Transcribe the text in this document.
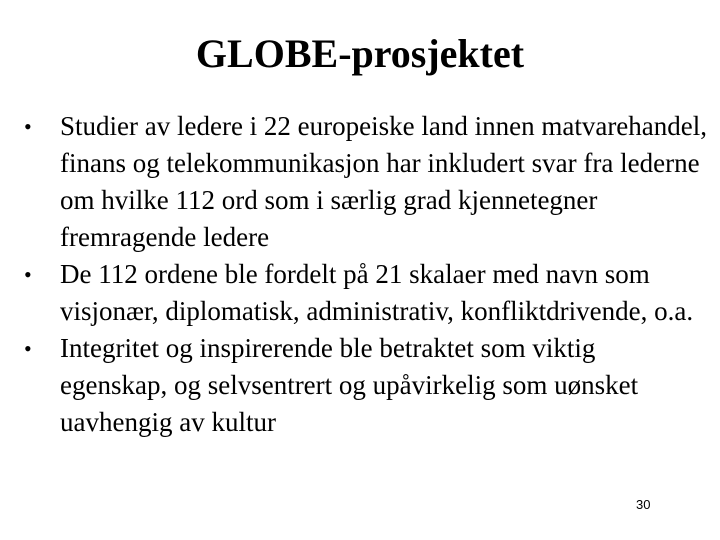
GLOBE-prosjektet
•	Studier av ledere i 22 europeiske land innen matvarehandel, finans og telekommunikasjon har inkludert svar fra lederne om hvilke 112 ord som i særlig grad kjennetegner fremragende ledere
•	De 112 ordene ble fordelt på 21 skalaer med navn som visjonær, diplomatisk, administrativ, konfliktdrivende, o.a.
•	Integritet og inspirerende ble betraktet som viktig egenskap, og selvsentrert og upåvirkelig som uønsket uavhengig av kultur
30
